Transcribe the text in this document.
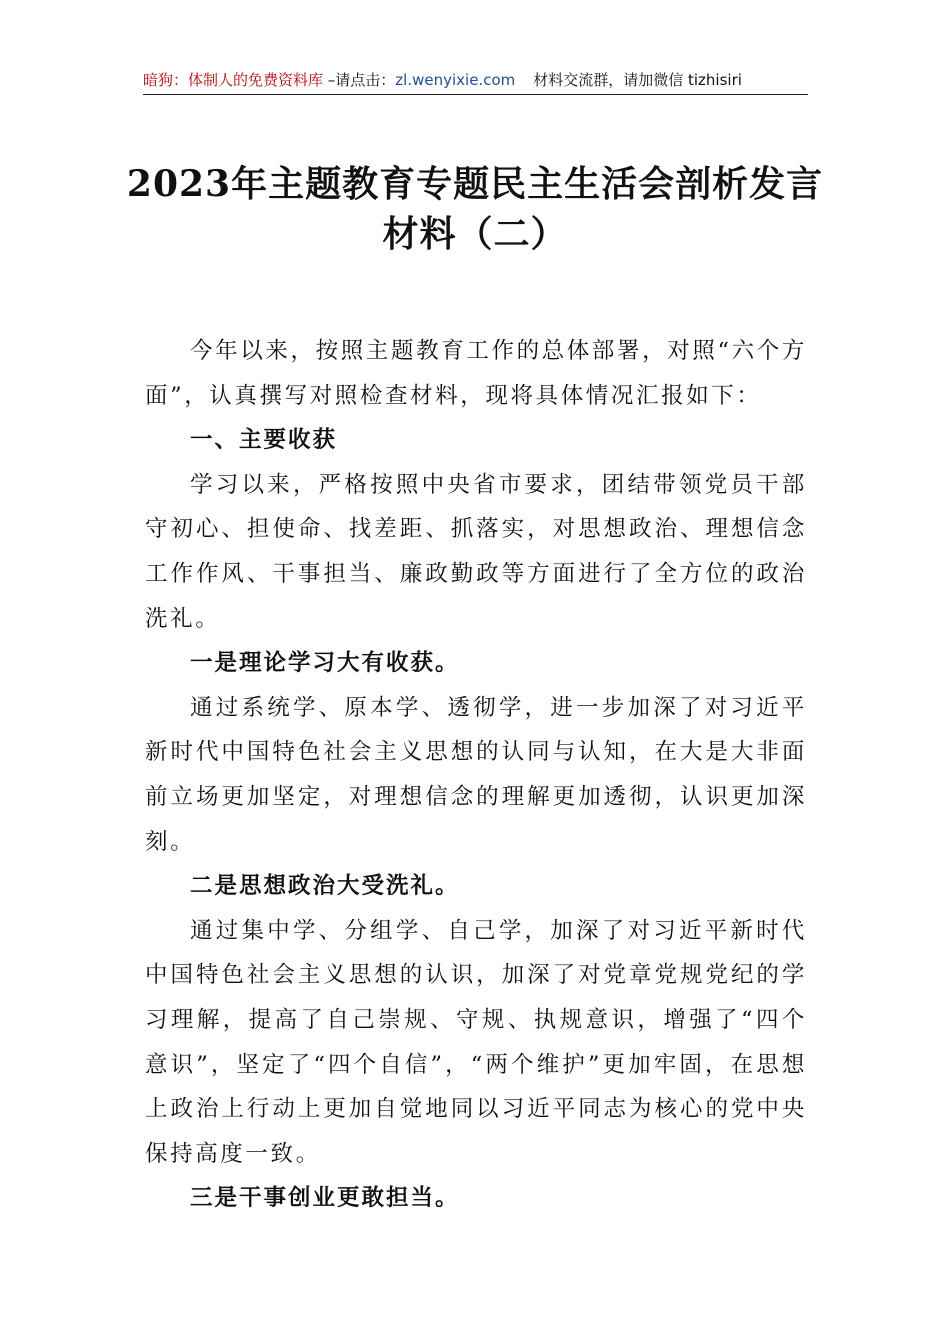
暗狗：体制人的免费资料库 –请点击：zl.wenyixie.com 材料交流群，请加微信 tizhisiri
2023年主题教育专题民主生活会剖析发言
材料（二）

今年以来，按照主题教育工作的总体部署，对照“六个方面”，认真撰写对照检查材料，现将具体情况汇报如下：

一、主要收获

学习以来，严格按照中央省市要求，团结带领党员干部守初心、担使命、找差距、抓落实，对思想政治、理想信念工作作风、干事担当、廉政勤政等方面进行了全方位的政治洗礼。

一是理论学习大有收获。

通过系统学、原本学、透彻学，进一步加深了对习近平新时代中国特色社会主义思想的认同与认知，在大是大非面前立场更加坚定，对理想信念的理解更加透彻，认识更加深刻。

二是思想政治大受洗礼。

通过集中学、分组学、自己学，加深了对习近平新时代中国特色社会主义思想的认识，加深了对党章党规党纪的学习理解，提高了自己崇规、守规、执规意识，增强了“四个意识”，坚定了“四个自信”，“两个维护”更加牢固，在思想上政治上行动上更加自觉地同以习近平同志为核心的党中央保持高度一致。

三是干事创业更敢担当。
